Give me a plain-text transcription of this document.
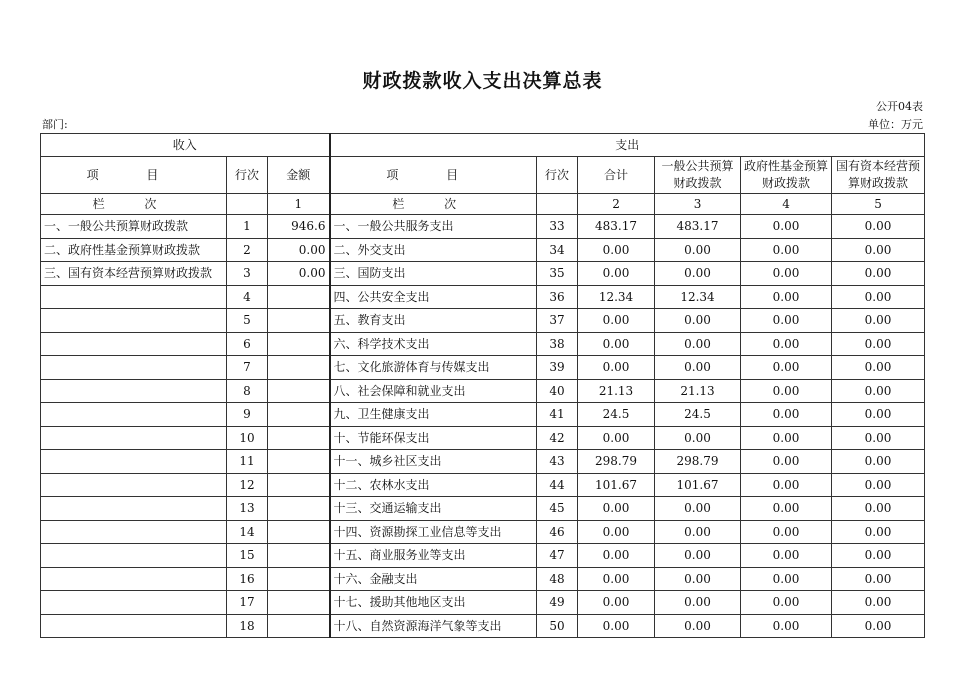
财政拨款收入支出决算总表
公开04表
部门:	单位：万元
收入			支出					
项 目	行次	金额	项 目	行次	合计	一般公共预算财政拨款	政府性基金预算财政拨款	国有资本经营预算财政拨款
栏 次		1	栏 次		2	3	4	5
一、一般公共预算财政拨款	1	946.6	一、一般公共服务支出	33	483.17	483.17	0.00	0.00
二、政府性基金预算财政拨款	2	0.00	二、外交支出	34	0.00	0.00	0.00	0.00
三、国有资本经营预算财政拨款	3	0.00	三、国防支出	35	0.00	0.00	0.00	0.00
	4		四、公共安全支出	36	12.34	12.34	0.00	0.00
	5		五、教育支出	37	0.00	0.00	0.00	0.00
	6		六、科学技术支出	38	0.00	0.00	0.00	0.00
	7		七、文化旅游体育与传媒支出	39	0.00	0.00	0.00	0.00
	8		八、社会保障和就业支出	40	21.13	21.13	0.00	0.00
	9		九、卫生健康支出	41	24.5	24.5	0.00	0.00
	10		十、节能环保支出	42	0.00	0.00	0.00	0.00
	11		十一、城乡社区支出	43	298.79	298.79	0.00	0.00
	12		十二、农林水支出	44	101.67	101.67	0.00	0.00
	13		十三、交通运输支出	45	0.00	0.00	0.00	0.00
	14		十四、资源勘探工业信息等支出	46	0.00	0.00	0.00	0.00
	15		十五、商业服务业等支出	47	0.00	0.00	0.00	0.00
	16		十六、金融支出	48	0.00	0.00	0.00	0.00
	17		十七、援助其他地区支出	49	0.00	0.00	0.00	0.00
	18		十八、自然资源海洋气象等支出	50	0.00	0.00	0.00	0.00
